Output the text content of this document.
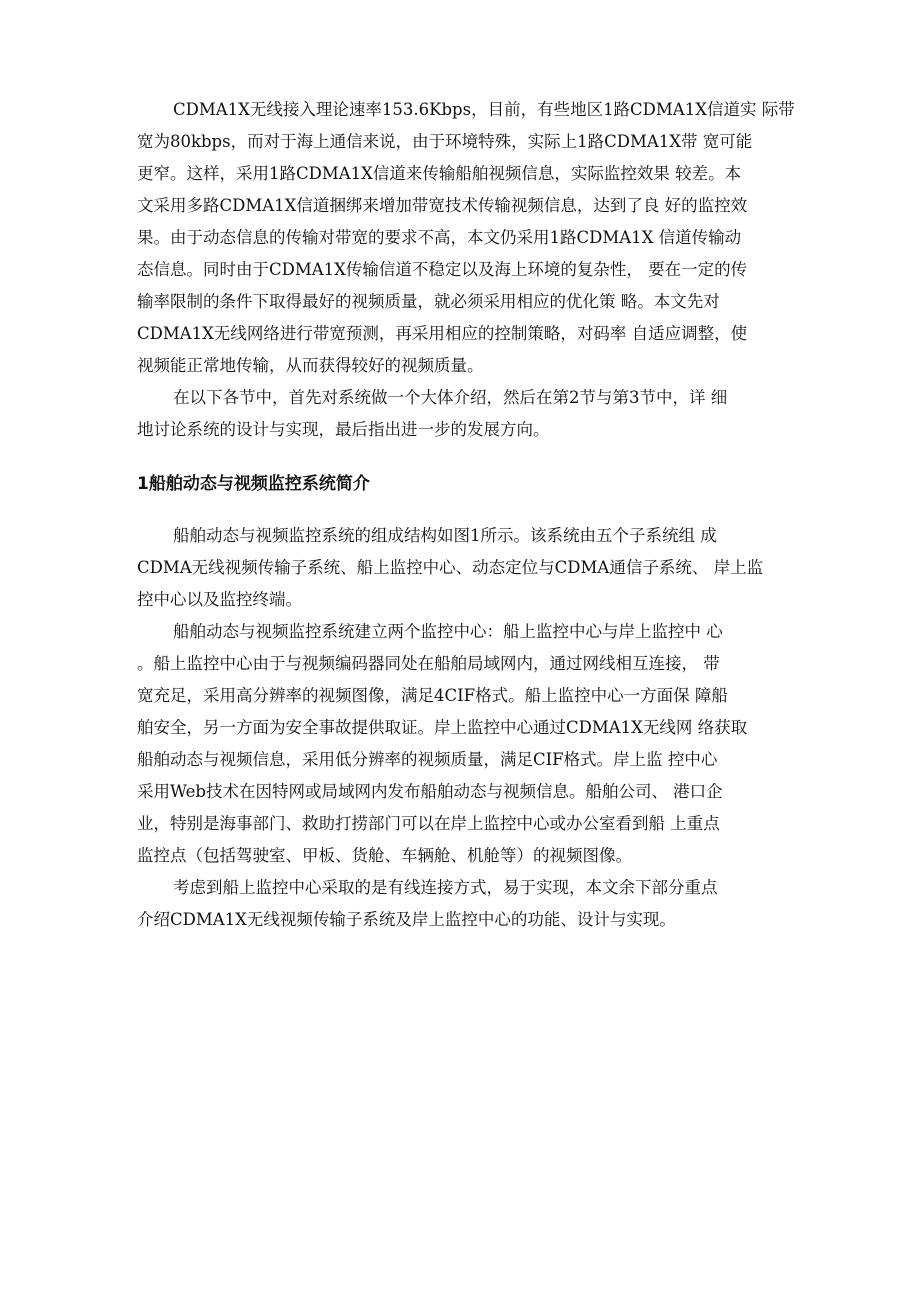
CDMA1X无线接入理论速率153.6Kbps，目前，有些地区1路CDMA1X信道实 际带

宽为80kbps，而对于海上通信来说，由于环境特殊，实际上1路CDMA1X带 宽可能

更窄。这样，采用1路CDMA1X信道来传输船舶视频信息，实际监控效果 较差。本

文采用多路CDMA1X信道捆绑来增加带宽技术传输视频信息，达到了良 好的监控效

果。由于动态信息的传输对带宽的要求不高，本文仍采用1路CDMA1X 信道传输动

态信息。同时由于CDMA1X传输信道不稳定以及海上环境的复杂性， 要在一定的传

输率限制的条件下取得最好的视频质量，就必须采用相应的优化策 略。本文先对

CDMA1X无线网络进行带宽预测，再采用相应的控制策略，对码率 自适应调整，使

视频能正常地传输，从而获得较好的视频质量。

在以下各节中，首先对系统做一个大体介绍，然后在第2节与第3节中，详 细

地讨论系统的设计与实现，最后指出进一步的发展方向。

1船舶动态与视频监控系统简介

船舶动态与视频监控系统的组成结构如图1所示。该系统由五个子系统组 成

CDMA无线视频传输子系统、船上监控中心、动态定位与CDMA通信子系统、 岸上监

控中心以及监控终端。

船舶动态与视频监控系统建立两个监控中心：船上监控中心与岸上监控中 心

。船上监控中心由于与视频编码器同处在船舶局域网内，通过网线相互连接， 带

宽充足，采用高分辨率的视频图像，满足4CIF格式。船上监控中心一方面保 障船

舶安全，另一方面为安全事故提供取证。岸上监控中心通过CDMA1X无线网 络获取

船舶动态与视频信息，采用低分辨率的视频质量，满足CIF格式。岸上监 控中心

采用Web技术在因特网或局域网内发布船舶动态与视频信息。船舶公司、 港口企

业，特别是海事部门、救助打捞部门可以在岸上监控中心或办公室看到船 上重点

监控点（包括驾驶室、甲板、货舱、车辆舱、机舱等）的视频图像。

考虑到船上监控中心采取的是有线连接方式，易于实现，本文余下部分重点

介绍CDMA1X无线视频传输子系统及岸上监控中心的功能、设计与实现。
